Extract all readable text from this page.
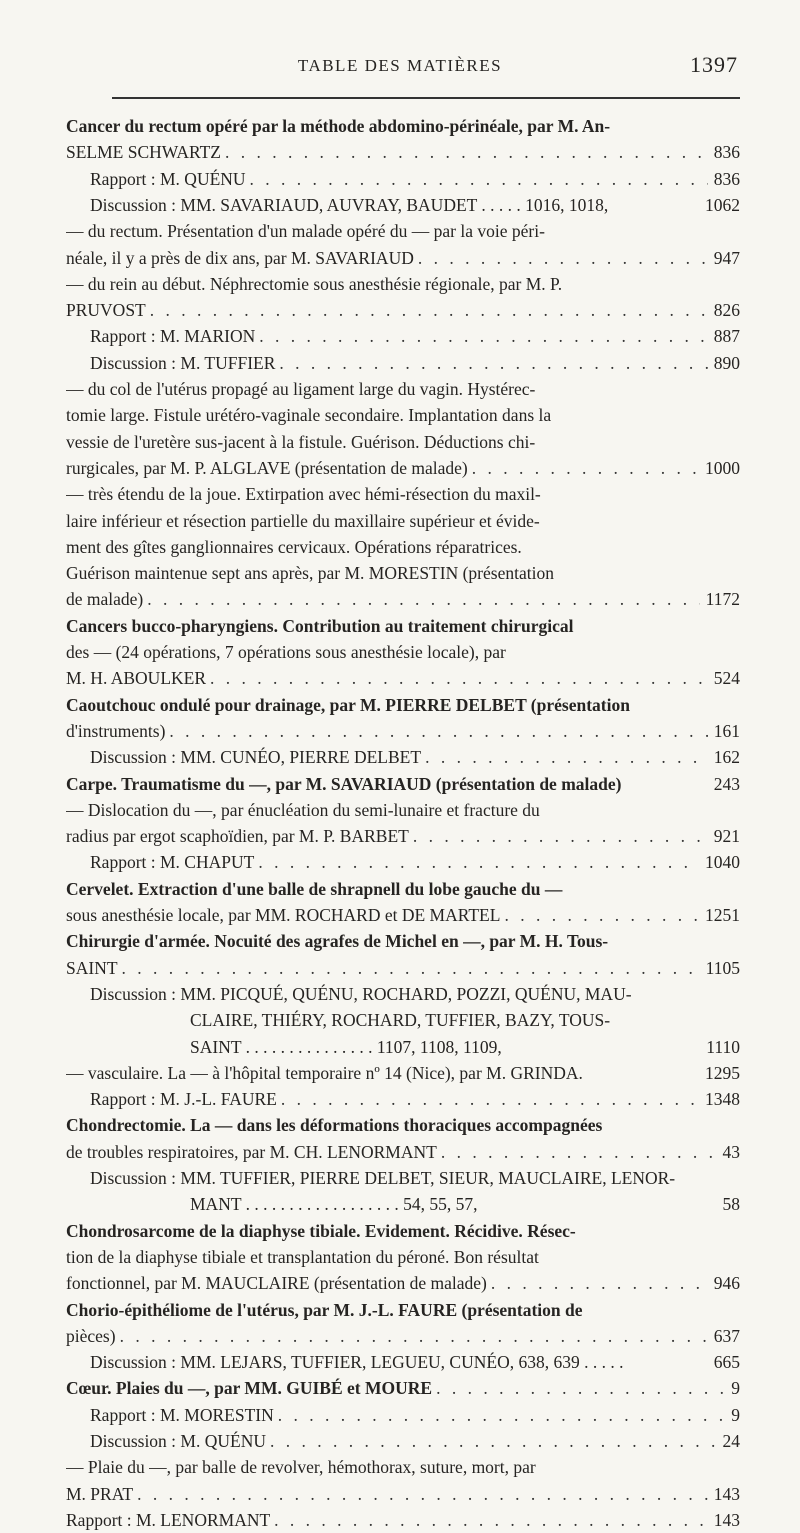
TABLE DES MATIÈRES	1397
Cancer du rectum opéré par la méthode abdomino-périnéale, par M. An-
SELME SCHWARTZ . . .	836
Rapport : M. QUÉNU . . .	836
Discussion : MM. SAVARIAUD, AUVRAY, BAUDET . . . . . 1016, 1018,	1062
— du rectum. Présentation d'un malade opéré du — par la voie péri-
néale, il y a près de dix ans, par M. SAVARIAUD . . .	947
— du rein au début. Néphrectomie sous anesthésie régionale, par M. P.
PRUVOST . . .	826
Rapport : M. MARION . . .	887
Discussion : M. TUFFIER . . .	890
— du col de l'utérus propagé au ligament large du vagin. Hystérec-
tomie large. Fistule urétéro-vaginale secondaire. Implantation dans la
vessie de l'uretère sus-jacent à la fistule. Guérison. Déductions chi-
rurgicales, par M. P. ALGLAVE (présentation de malade) . . .	1000
— très étendu de la joue. Extirpation avec hémi-résection du maxil-
laire inférieur et résection partielle du maxillaire supérieur et évide-
ment des gîtes ganglionnaires cervicaux. Opérations réparatrices.
Guérison maintenue sept ans après, par M. MORESTIN (présentation
de malade) . . .	1172
Cancers bucco-pharyngiens. Contribution au traitement chirurgical
des — (24 opérations, 7 opérations sous anesthésie locale), par
M. H. ABOULKER . . .	524
Caoutchouc ondulé pour drainage, par M. PIERRE DELBET (présentation
d'instruments) . . .	161
Discussion : MM. CUNÉO, PIERRE DELBET . . .	162
Carpe. Traumatisme du —, par M. SAVARIAUD (présentation de malade)	243
— Dislocation du —, par énucléation du semi-lunaire et fracture du
radius par ergot scaphoïdien, par M. P. BARBET . . .	921
Rapport : M. CHAPUT . . .	1040
Cervelet. Extraction d'une balle de shrapnell du lobe gauche du —
sous anesthésie locale, par MM. ROCHARD et DE MARTEL . . .	1251
Chirurgie d'armée. Nocuité des agrafes de Michel en —, par M. H. Tous-
SAINT . . .	1105
Discussion : MM. PICQUÉ, QUÉNU, ROCHARD, POZZI, QUÉNU, MAU-
CLAIRE, THIÉRY, ROCHARD, TUFFIER, BAZY, TOUS-
SAINT . . . . . . . . . . . . . . . 1107, 1108, 1109,	1110
— vasculaire. La — à l'hôpital temporaire nº 14 (Nice), par M. GRINDA.	1295
Rapport : M. J.-L. FAURE . . .	1348
Chondrectomie. La — dans les déformations thoraciques accompagnées
de troubles respiratoires, par M. CH. LENORMANT . . .	43
Discussion : MM. TUFFIER, PIERRE DELBET, SIEUR, MAUCLAIRE, LENOR-
MANT . . . . . . . . . . . . . . . . . . 54, 55, 57,	58
Chondrosarcome de la diaphyse tibiale. Evidement. Récidive. Résec-
tion de la diaphyse tibiale et transplantation du péroné. Bon résultat
fonctionnel, par M. MAUCLAIRE (présentation de malade) . . .	946
Chorio-épithéliome de l'utérus, par M. J.-L. FAURE (présentation de
pièces) . . .	637
Discussion : MM. LEJARS, TUFFIER, LEGUEU, CUNÉO, 638, 639 . . . . .	665
Cœur. Plaies du —, par MM. GUIBÉ et MOURE . . .	9
Rapport : M. MORESTIN . . .	9
Discussion : M. QUÉNU . . .	24
— Plaie du —, par balle de revolver, hémothorax, suture, mort, par
M. PRAT . . .	143
Rapport : M. LENORMANT . . .	143
